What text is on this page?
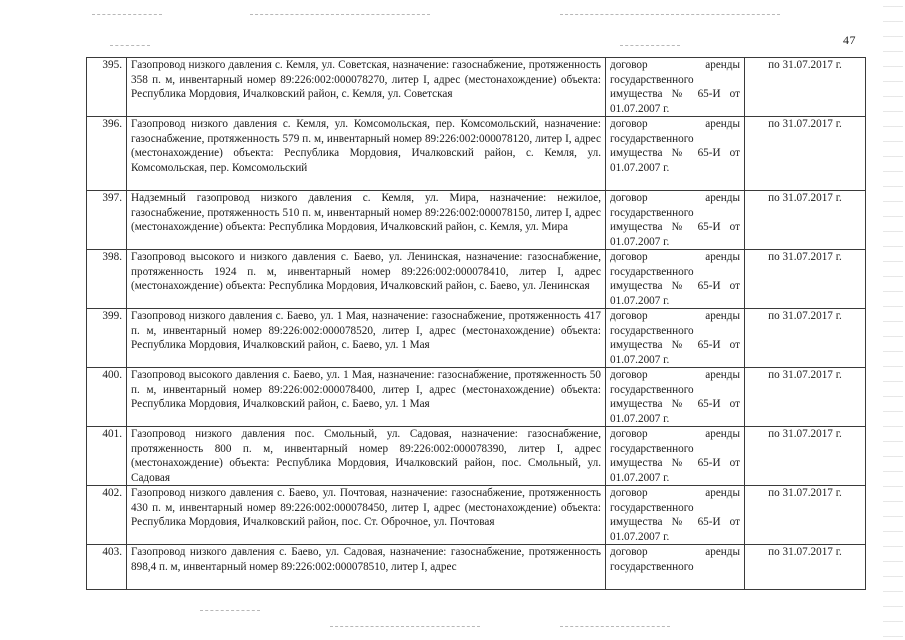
47
395.	Газопровод низкого давления с. Кемля, ул. Советская, назначение: газоснабжение, протяженность 358 п. м, инвентарный номер 89:226:002:000078270, литер I, адрес (местонахождение) объекта: Республика Мордовия, Ичалковский район, с. Кемля, ул. Советская	договор аренды государственного имущества № 65-И от 01.07.2007 г.	по 31.07.2017 г.
396.	Газопровод низкого давления с. Кемля, ул. Комсомольская, пер. Комсомольский, назначение: газоснабжение, протяженность 579 п. м, инвентарный номер 89:226:002:000078120, литер I, адрес (местонахождение) объекта: Республика Мордовия, Ичалковский район, с. Кемля, ул. Комсомольская, пер. Комсомольский	договор аренды государственного имущества № 65-И от 01.07.2007 г.	по 31.07.2017 г.
397.	Надземный газопровод низкого давления с. Кемля, ул. Мира, назначение: нежилое, газоснабжение, протяженность 510 п. м, инвентарный номер 89:226:002:000078150, литер I, адрес (местонахождение) объекта: Республика Мордовия, Ичалковский район, с. Кемля, ул. Мира	договор аренды государственного имущества № 65-И от 01.07.2007 г.	по 31.07.2017 г.
398.	Газопровод высокого и низкого давления с. Баево, ул. Ленинская, назначение: газоснабжение, протяженность 1924 п. м, инвентарный номер 89:226:002:000078410, литер I, адрес (местонахождение) объекта: Республика Мордовия, Ичалковский район, с. Баево, ул. Ленинская	договор аренды государственного имущества № 65-И от 01.07.2007 г.	по 31.07.2017 г.
399.	Газопровод низкого давления с. Баево, ул. 1 Мая, назначение: газоснабжение, протяженность 417 п. м, инвентарный номер 89:226:002:000078520, литер I, адрес (местонахождение) объекта: Республика Мордовия, Ичалковский район, с. Баево, ул. 1 Мая	договор аренды государственного имущества № 65-И от 01.07.2007 г.	по 31.07.2017 г.
400.	Газопровод высокого давления с. Баево, ул. 1 Мая, назначение: газоснабжение, протяженность 50 п. м, инвентарный номер 89:226:002:000078400, литер I, адрес (местонахождение) объекта: Республика Мордовия, Ичалковский район, с. Баево, ул. 1 Мая	договор аренды государственного имущества № 65-И от 01.07.2007 г.	по 31.07.2017 г.
401.	Газопровод низкого давления пос. Смольный, ул. Садовая, назначение: газоснабжение, протяженность 800 п. м, инвентарный номер 89:226:002:000078390, литер I, адрес (местонахождение) объекта: Республика Мордовия, Ичалковский район, пос. Смольный, ул. Садовая	договор аренды государственного имущества № 65-И от 01.07.2007 г.	по 31.07.2017 г.
402.	Газопровод низкого давления с. Баево, ул. Почтовая, назначение: газоснабжение, протяженность 430 п. м, инвентарный номер 89:226:002:000078450, литер I, адрес (местонахождение) объекта: Республика Мордовия, Ичалковский район, пос. Ст. Оброчное, ул. Почтовая	договор аренды государственного имущества № 65-И от 01.07.2007 г.	по 31.07.2017 г.
403.	Газопровод низкого давления с. Баево, ул. Садовая, назначение: газоснабжение, протяженность 898,4 п. м, инвентарный номер 89:226:002:000078510, литер I, адрес	договор аренды государственного	по 31.07.2017 г.
